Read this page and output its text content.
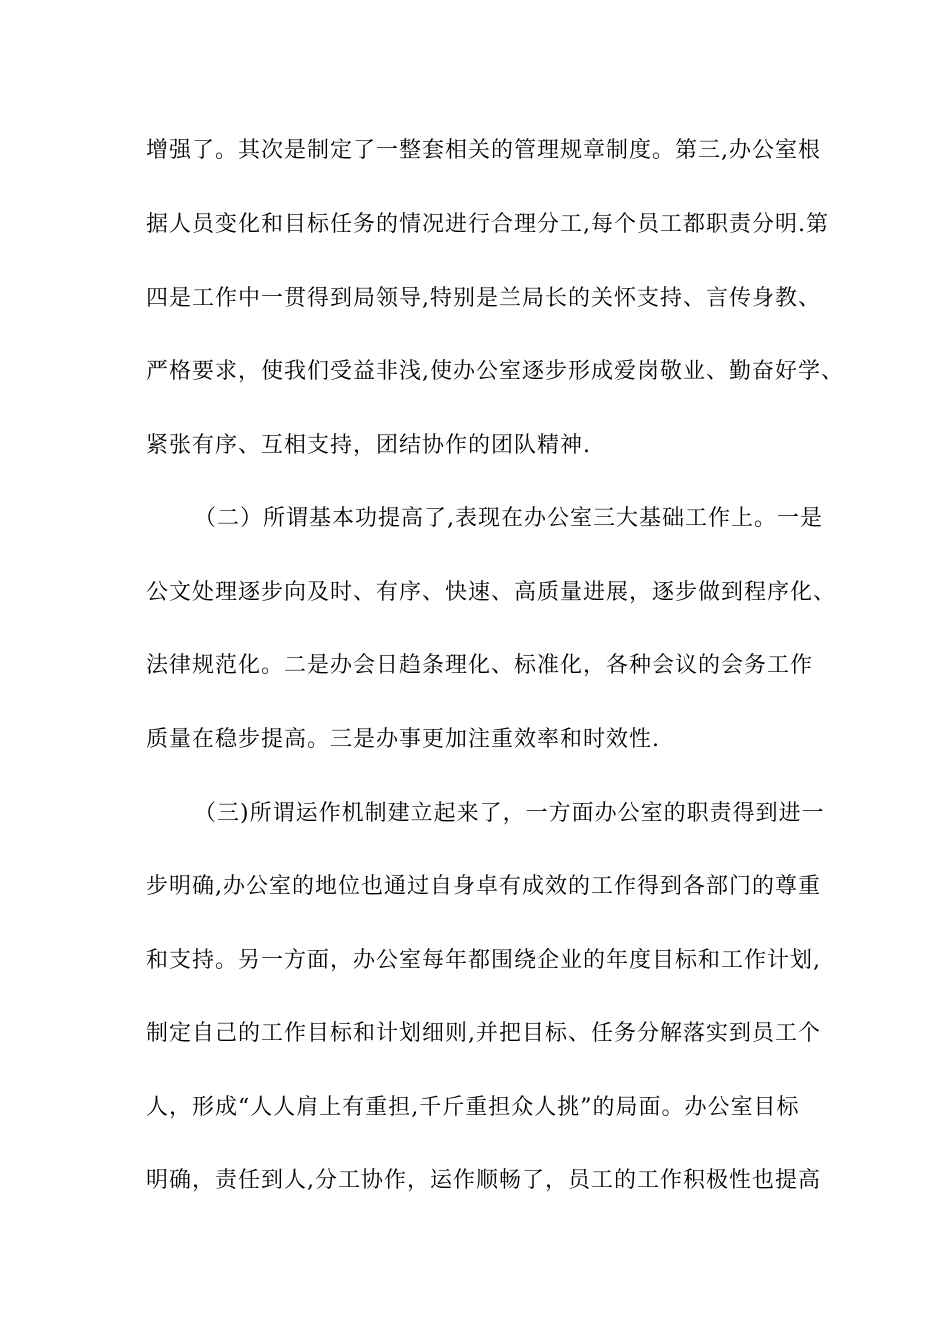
增强了。其次是制定了一整套相关的管理规章制度。第三,办公室根
据人员变化和目标任务的情况进行合理分工,每个员工都职责分明.第
四是工作中一贯得到局领导,特别是兰局长的关怀支持、言传身教、
严格要求，使我们受益非浅,使办公室逐步形成爱岗敬业、勤奋好学、
紧张有序、互相支持，团结协作的团队精神.
（二）所谓基本功提高了,表现在办公室三大基础工作上。一是
公文处理逐步向及时、有序、快速、高质量进展，逐步做到程序化、
法律规范化。二是办会日趋条理化、标准化，各种会议的会务工作
质量在稳步提高。三是办事更加注重效率和时效性.
（三)所谓运作机制建立起来了，一方面办公室的职责得到进一
步明确,办公室的地位也通过自身卓有成效的工作得到各部门的尊重
和支持。另一方面，办公室每年都围绕企业的年度目标和工作计划,
制定自己的工作目标和计划细则,并把目标、任务分解落实到员工个
人，形成“人人肩上有重担,千斤重担众人挑”的局面。办公室目标
明确，责任到人,分工协作，运作顺畅了，员工的工作积极性也提高
